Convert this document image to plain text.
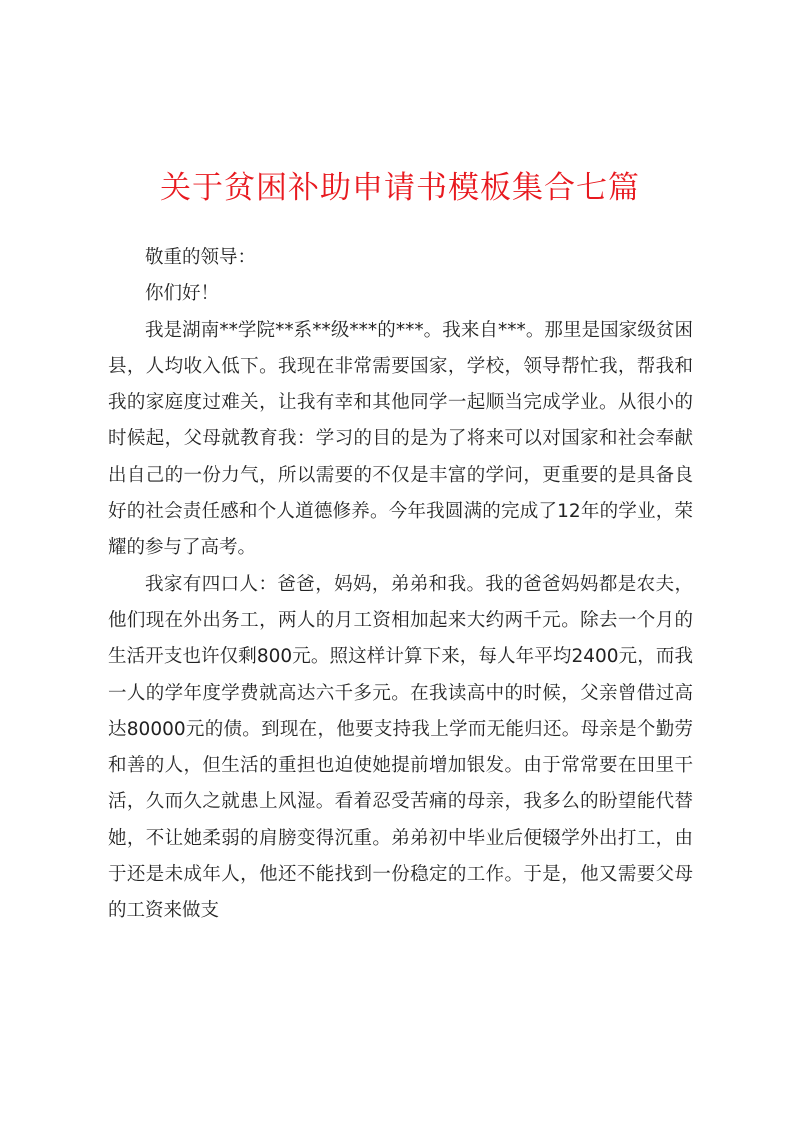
关于贫困补助申请书模板集合七篇

敬重的领导：

你们好！

我是湖南**学院**系**级***的***。我来自***。那里是国家级贫困县，人均收入低下。我现在非常需要国家，学校，领导帮忙我，帮我和我的家庭度过难关，让我有幸和其他同学一起顺当完成学业。从很小的时候起，父母就教育我：学习的目的是为了将来可以对国家和社会奉献出自己的一份力气，所以需要的不仅是丰富的学问，更重要的是具备良好的社会责任感和个人道德修养。今年我圆满的完成了12年的学业，荣耀的参与了高考。

我家有四口人：爸爸，妈妈，弟弟和我。我的爸爸妈妈都是农夫，他们现在外出务工，两人的月工资相加起来大约两千元。除去一个月的生活开支也许仅剩800元。照这样计算下来，每人年平均2400元，而我一人的学年度学费就高达六千多元。在我读高中的时候，父亲曾借过高达80000元的债。到现在，他要支持我上学而无能归还。母亲是个勤劳和善的人，但生活的重担也迫使她提前增加银发。由于常常要在田里干活，久而久之就患上风湿。看着忍受苦痛的母亲，我多么的盼望能代替她，不让她柔弱的肩膀变得沉重。弟弟初中毕业后便辍学外出打工，由于还是未成年人，他还不能找到一份稳定的工作。于是，他又需要父母的工资来做支
